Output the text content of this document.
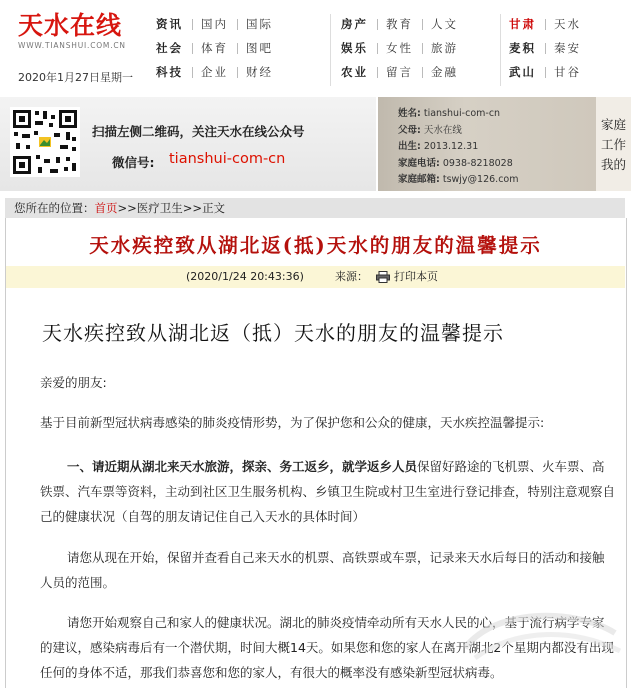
天水在线
WWW.TIANSHUI.COM.CN
2020年1月27日星期一
资讯	国内	国际
社会	体育	图吧
科技	企业	财经
房产	教育	人文
娱乐	女性	旅游
农业	留言	金融
甘肃	天水
麦积	秦安
武山	甘谷
扫描左侧二维码，关注天水在线公众号
微信号: tianshui-com-cn
姓名: tianshui-com-cn
父母: 天水在线
出生: 2013.12.31
家庭电话: 0938-8218028
家庭邮箱: tswjy@126.com
家庭
工作
我的
您所在的位置：首页>>医疗卫生>>正文
天水疾控致从湖北返(抵)天水的朋友的温馨提示
(2020/1/24 20:43:36)	来源： 打印本页
天水疾控致从湖北返（抵）天水的朋友的温馨提示
亲爱的朋友:
基于目前新型冠状病毒感染的肺炎疫情形势，为了保护您和公众的健康，天水疾控温馨提示:
一、请近期从湖北来天水旅游，探亲、务工返乡，就学返乡人员保留好路途的飞机票、火车票、高铁票、汽车票等资料，主动到社区卫生服务机构、乡镇卫生院或村卫生室进行登记排查，特别注意观察自己的健康状况（自驾的朋友请记住自己入天水的具体时间）
请您从现在开始，保留并查看自己来天水的机票、高铁票或车票，记录来天水后每日的活动和接触人员的范围。
请您开始观察自己和家人的健康状况。湖北的肺炎疫情牵动所有天水人民的心，基于流行病学专家的建议，感染病毒后有一个潜伏期，时间大概14天。如果您和您的家人在离开湖北2个星期内都没有出现任何的身体不适，那我们恭喜您和您的家人，有很大的概率没有感染新型冠状病毒。
